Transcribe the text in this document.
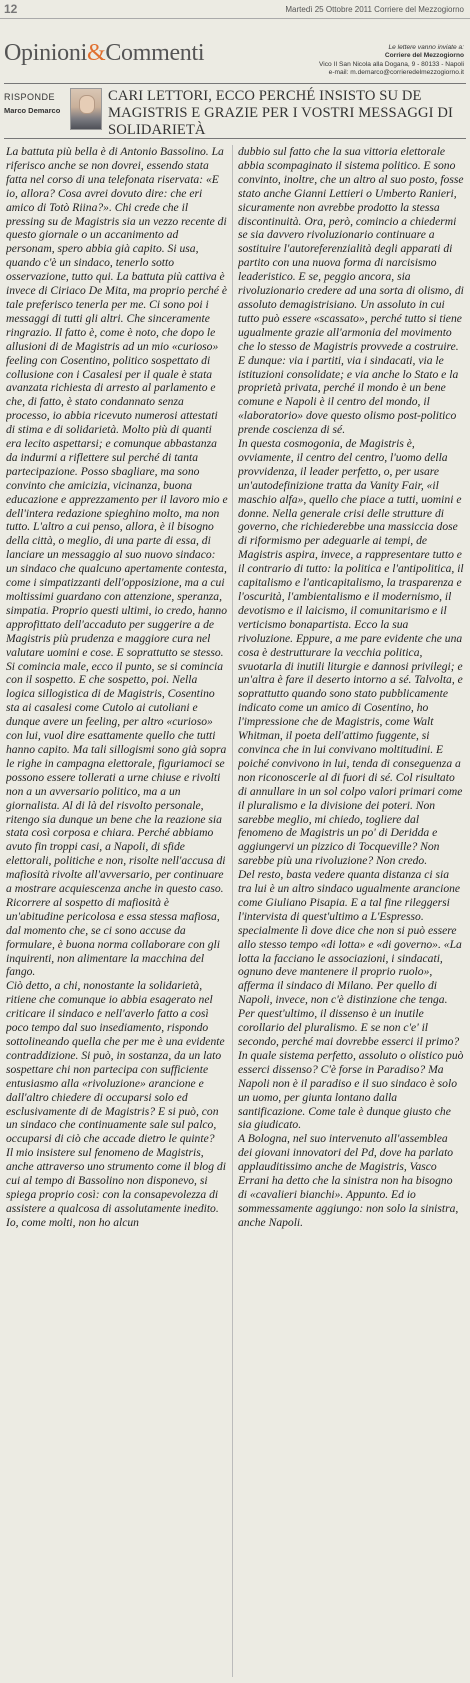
12	Martedì 25 Ottobre 2011 Corriere del Mezzogiorno
Opinioni&Commenti	Le lettere vanno inviate a:
Corriere del Mezzogiorno
Vico II San Nicola alla Dogana, 9 - 80133 - Napoli
e-mail: m.demarco@corrieredelmezzogiorno.it
RISPONDE
Marco Demarco
CARI LETTORI, ECCO PERCHÉ INSISTO SU DE MAGISTRIS E GRAZIE PER I VOSTRI MESSAGGI DI SOLIDARIETÀ

La battuta più bella è di Antonio Bassolino. La riferisco anche se non dovrei, essendo stata fatta nel corso di una telefonata riservata: «E io, allora? Cosa avrei dovuto dire: che eri amico di Totò Riina?». Chi crede che il pressing su de Magistris sia un vezzo recente di questo giornale o un accanimento ad personam, spero abbia già capito. Si usa, quando c'è un sindaco, tenerlo sotto osservazione, tutto qui. La battuta più cattiva è invece di Ciriaco De Mita, ma proprio perché è tale preferisco tenerla per me. Ci sono poi i messaggi di tutti gli altri. Che sinceramente ringrazio. Il fatto è, come è noto, che dopo le allusioni di de Magistris ad un mio «curioso» feeling con Cosentino, politico sospettato di collusione con i Casalesi per il quale è stata avanzata richiesta di arresto al parlamento e che, di fatto, è stato condannato senza processo, io abbia ricevuto numerosi attestati di stima e di solidarietà. Molto più di quanti era lecito aspettarsi; e comunque abbastanza da indurmi a riflettere sul perché di tanta partecipazione. Posso sbagliare, ma sono convinto che amicizia, vicinanza, buona educazione e apprezzamento per il lavoro mio e dell'intera redazione spieghino molto, ma non tutto. L'altro a cui penso, allora, è il bisogno della città, o meglio, di una parte di essa, di lanciare un messaggio al suo nuovo sindaco: un sindaco che qualcuno apertamente contesta, come i simpatizzanti dell'opposizione, ma a cui moltissimi guardano con attenzione, speranza, simpatia. Proprio questi ultimi, io credo, hanno approfittato dell'accaduto per suggerire a de Magistris più prudenza e maggiore cura nel valutare uomini e cose. E soprattutto se stesso.

Si comincia male, ecco il punto, se si comincia con il sospetto. E che sospetto, poi. Nella logica sillogistica di de Magistris, Cosentino sta ai casalesi come Cutolo ai cutoliani e dunque avere un feeling, per altro «curioso» con lui, vuol dire esattamente quello che tutti hanno capito. Ma tali sillogismi sono già sopra le righe in campagna elettorale, figuriamoci se possono essere tollerati a urne chiuse e rivolti non a un avversario politico, ma a un giornalista. Al di là del risvolto personale, ritengo sia dunque un bene che la reazione sia stata così corposa e chiara. Perché abbiamo avuto fin troppi casi, a Napoli, di sfide elettorali, politiche e non, risolte nell'accusa di mafiosità rivolte all'avversario, per continuare a mostrare acquiescenza anche in questo caso. Ricorrere al sospetto di mafiosità è un'abitudine pericolosa e essa stessa mafiosa, dal momento che, se ci sono accuse da formulare, è buona norma collaborare con gli inquirenti, non alimentare la macchina del fango.

Ciò detto, a chi, nonostante la solidarietà, ritiene che comunque io abbia esagerato nel criticare il sindaco e nell'averlo fatto a così poco tempo dal suo insediamento, rispondo sottolineando quella che per me è una evidente contraddizione. Si può, in sostanza, da un lato sospettare chi non partecipa con sufficiente entusiasmo alla «rivoluzione» arancione e dall'altro chiedere di occuparsi solo ed esclusivamente di de Magistris? E si può, con un sindaco che continuamente sale sul palco, occuparsi di ciò che accade dietro le quinte?

Il mio insistere sul fenomeno de Magistris, anche attraverso uno strumento come il blog di cui al tempo di Bassolino non disponevo, si spiega proprio così: con la consapevolezza di assistere a qualcosa di assolutamente inedito. Io, come molti, non ho alcun

dubbio sul fatto che la sua vittoria elettorale abbia scompaginato il sistema politico. E sono convinto, inoltre, che un altro al suo posto, fosse stato anche Gianni Lettieri o Umberto Ranieri, sicuramente non avrebbe prodotto la stessa discontinuità. Ora, però, comincio a chiedermi se sia davvero rivoluzionario continuare a sostituire l'autoreferenzialità degli apparati di partito con una nuova forma di narcisismo leaderistico. E se, peggio ancora, sia rivoluzionario credere ad una sorta di olismo, di assoluto demagistrisiano. Un assoluto in cui tutto può essere «scassato», perché tutto si tiene ugualmente grazie all'armonia del movimento che lo stesso de Magistris provvede a costruire. E dunque: via i partiti, via i sindacati, via le istituzioni consolidate; e via anche lo Stato e la proprietà privata, perché il mondo è un bene comune e Napoli è il centro del mondo, il «laboratorio» dove questo olismo post-politico prende coscienza di sé.

In questa cosmogonia, de Magistris è, ovviamente, il centro del centro, l'uomo della provvidenza, il leader perfetto, o, per usare un'autodefinizione tratta da Vanity Fair, «il maschio alfa», quello che piace a tutti, uomini e donne. Nella generale crisi delle strutture di governo, che richiederebbe una massiccia dose di riformismo per adeguarle ai tempi, de Magistris aspira, invece, a rappresentare tutto e il contrario di tutto: la politica e l'antipolitica, il capitalismo e l'anticapitalismo, la trasparenza e l'oscurità, l'ambientalismo e il modernismo, il devotismo e il laicismo, il comunitarismo e il verticismo bonapartista. Ecco la sua rivoluzione. Eppure, a me pare evidente che una cosa è destrutturare la vecchia politica, svuotarla di inutili liturgie e dannosi privilegi; e un'altra è fare il deserto intorno a sé. Talvolta, e soprattutto quando sono stato pubblicamente indicato come un amico di Cosentino, ho l'impressione che de Magistris, come Walt Whitman, il poeta dell'attimo fuggente, si convinca che in lui convivano moltitudini. E poiché convivono in lui, tenda di conseguenza a non riconoscerle al di fuori di sé. Col risultato di annullare in un sol colpo valori primari come il pluralismo e la divisione dei poteri. Non sarebbe meglio, mi chiedo, togliere dal fenomeno de Magistris un po' di Deridda e aggiungervi un pizzico di Tocqueville? Non sarebbe più una rivoluzione? Non credo.

Del resto, basta vedere quanta distanza ci sia tra lui è un altro sindaco ugualmente arancione come Giuliano Pisapia. E a tal fine rileggersi l'intervista di quest'ultimo a L'Espresso. specialmente lì dove dice che non si può essere allo stesso tempo «di lotta» e «di governo». «La lotta la facciano le associazioni, i sindacati, ognuno deve mantenere il proprio ruolo», afferma il sindaco di Milano. Per quello di Napoli, invece, non c'è distinzione che tenga. Per quest'ultimo, il dissenso è un inutile corollario del pluralismo. E se non c'e' il secondo, perché mai dovrebbe esserci il primo? In quale sistema perfetto, assoluto o olistico può esserci dissenso? C'è forse in Paradiso? Ma Napoli non è il paradiso e il suo sindaco è solo un uomo, per giunta lontano dalla santificazione. Come tale è dunque giusto che sia giudicato.

A Bologna, nel suo intervenuto all'assemblea dei giovani innovatori del Pd, dove ha parlato applauditissimo anche de Magistris, Vasco Errani ha detto che la sinistra non ha bisogno di «cavalieri bianchi». Appunto. Ed io sommessamente aggiungo: non solo la sinistra, anche Napoli.
